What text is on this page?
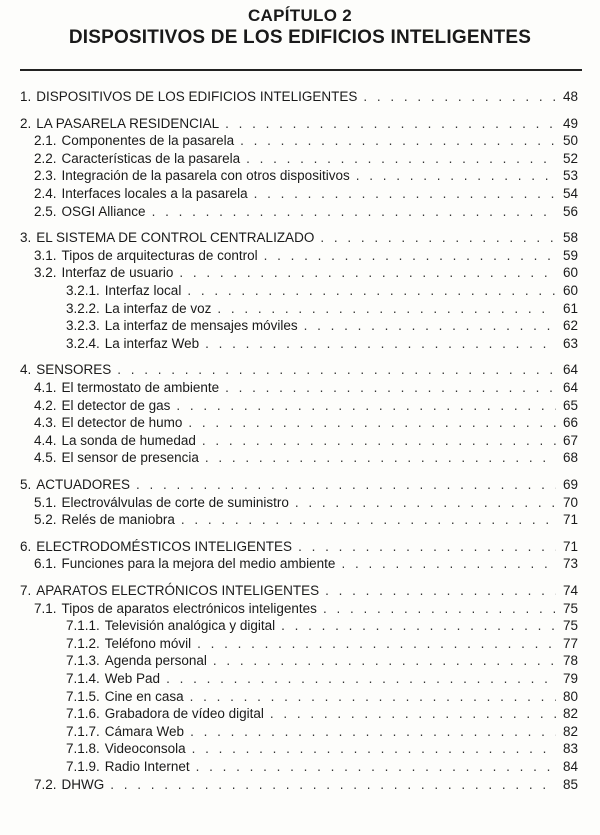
CAPÍTULO 2
DISPOSITIVOS DE LOS EDIFICIOS INTELIGENTES
1. DISPOSITIVOS DE LOS EDIFICIOS INTELIGENTES . . .	48
2. LA PASARELA RESIDENCIAL . . .	49
2.1. Componentes de la pasarela . . .	50
2.2. Características de la pasarela . . .	52
2.3. Integración de la pasarela con otros dispositivos . . .	53
2.4. Interfaces locales a la pasarela . . .	54
2.5. OSGI Alliance . . .	56
3. EL SISTEMA DE CONTROL CENTRALIZADO . . .	58
3.1. Tipos de arquitecturas de control . . .	59
3.2. Interfaz de usuario . . .	60
3.2.1. Interfaz local . . .	60
3.2.2. La interfaz de voz . . .	61
3.2.3. La interfaz de mensajes móviles . . .	62
3.2.4. La interfaz Web . . .	63
4. SENSORES . . .	64
4.1. El termostato de ambiente . . .	64
4.2. El detector de gas . . .	65
4.3. El detector de humo . . .	66
4.4. La sonda de humedad . . .	67
4.5. El sensor de presencia . . .	68
5. ACTUADORES . . .	69
5.1. Electroválvulas de corte de suministro . . .	70
5.2. Relés de maniobra . . .	71
6. ELECTRODOMÉSTICOS INTELIGENTES . . .	71
6.1. Funciones para la mejora del medio ambiente . . .	73
7. APARATOS ELECTRÓNICOS INTELIGENTES . . .	74
7.1. Tipos de aparatos electrónicos inteligentes . . .	75
7.1.1. Televisión analógica y digital . . .	75
7.1.2. Teléfono móvil . . .	77
7.1.3. Agenda personal . . .	78
7.1.4. Web Pad . . .	79
7.1.5. Cine en casa . . .	80
7.1.6. Grabadora de vídeo digital . . .	82
7.1.7. Cámara Web . . .	82
7.1.8. Videoconsola . . .	83
7.1.9. Radio Internet . . .	84
7.2. DHWG . . .	85
